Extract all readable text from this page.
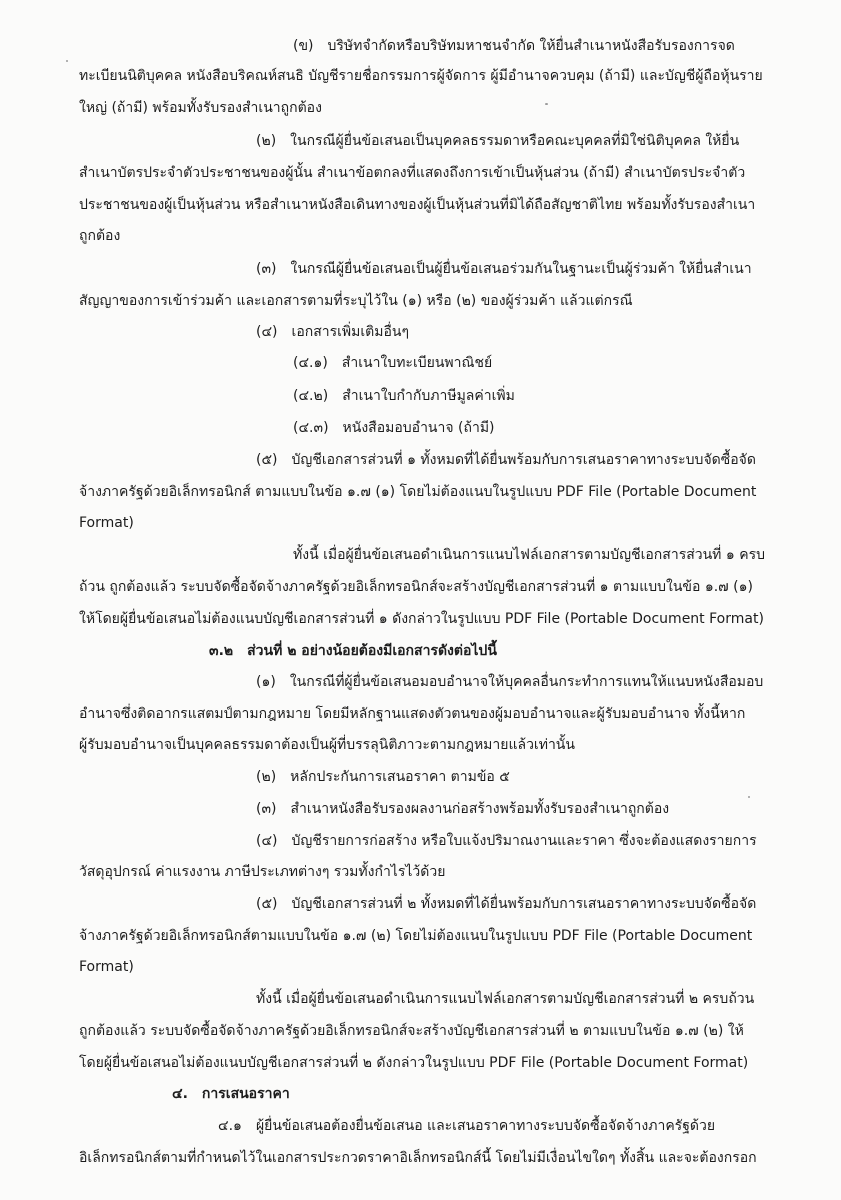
(ข) บริษัทจำกัดหรือบริษัทมหาชนจำกัด ให้ยื่นสำเนาหนังสือรับรองการจด
ทะเบียนนิติบุคคล หนังสือบริคณห์สนธิ บัญชีรายชื่อกรรมการผู้จัดการ ผู้มีอำนาจควบคุม (ถ้ามี) และบัญชีผู้ถือหุ้นราย
ใหญ่ (ถ้ามี) พร้อมทั้งรับรองสำเนาถูกต้อง
(๒) ในกรณีผู้ยื่นข้อเสนอเป็นบุคคลธรรมดาหรือคณะบุคคลที่มิใช่นิติบุคคล ให้ยื่น
สำเนาบัตรประจำตัวประชาชนของผู้นั้น สำเนาข้อตกลงที่แสดงถึงการเข้าเป็นหุ้นส่วน (ถ้ามี) สำเนาบัตรประจำตัว
ประชาชนของผู้เป็นหุ้นส่วน หรือสำเนาหนังสือเดินทางของผู้เป็นหุ้นส่วนที่มิได้ถือสัญชาติไทย พร้อมทั้งรับรองสำเนา
ถูกต้อง
(๓) ในกรณีผู้ยื่นข้อเสนอเป็นผู้ยื่นข้อเสนอร่วมกันในฐานะเป็นผู้ร่วมค้า ให้ยื่นสำเนา
สัญญาของการเข้าร่วมค้า และเอกสารตามที่ระบุไว้ใน (๑) หรือ (๒) ของผู้ร่วมค้า แล้วแต่กรณี
(๔) เอกสารเพิ่มเติมอื่นๆ
(๔.๑) สำเนาใบทะเบียนพาณิชย์
(๔.๒) สำเนาใบกำกับภาษีมูลค่าเพิ่ม
(๔.๓) หนังสือมอบอำนาจ (ถ้ามี)
(๕) บัญชีเอกสารส่วนที่ ๑ ทั้งหมดที่ได้ยื่นพร้อมกับการเสนอราคาทางระบบจัดซื้อจัด
จ้างภาครัฐด้วยอิเล็กทรอนิกส์ ตามแบบในข้อ ๑.๗ (๑) โดยไม่ต้องแนบในรูปแบบ PDF File (Portable Document
Format)
ทั้งนี้ เมื่อผู้ยื่นข้อเสนอดำเนินการแนบไฟล์เอกสารตามบัญชีเอกสารส่วนที่ ๑ ครบ
ถ้วน ถูกต้องแล้ว ระบบจัดซื้อจัดจ้างภาครัฐด้วยอิเล็กทรอนิกส์จะสร้างบัญชีเอกสารส่วนที่ ๑ ตามแบบในข้อ ๑.๗ (๑)
ให้โดยผู้ยื่นข้อเสนอไม่ต้องแนบบัญชีเอกสารส่วนที่ ๑ ดังกล่าวในรูปแบบ PDF File (Portable Document Format)
๓.๒ ส่วนที่ ๒ อย่างน้อยต้องมีเอกสารดังต่อไปนี้
(๑) ในกรณีที่ผู้ยื่นข้อเสนอมอบอำนาจให้บุคคลอื่นกระทำการแทนให้แนบหนังสือมอบ
อำนาจซึ่งติดอากรแสตมป์ตามกฎหมาย โดยมีหลักฐานแสดงตัวตนของผู้มอบอำนาจและผู้รับมอบอำนาจ ทั้งนี้หาก
ผู้รับมอบอำนาจเป็นบุคคลธรรมดาต้องเป็นผู้ที่บรรลุนิติภาวะตามกฎหมายแล้วเท่านั้น
(๒) หลักประกันการเสนอราคา ตามข้อ ๕
(๓) สำเนาหนังสือรับรองผลงานก่อสร้างพร้อมทั้งรับรองสำเนาถูกต้อง
(๔) บัญชีรายการก่อสร้าง หรือใบแจ้งปริมาณงานและราคา ซึ่งจะต้องแสดงรายการ
วัสดุอุปกรณ์ ค่าแรงงาน ภาษีประเภทต่างๆ รวมทั้งกำไรไว้ด้วย
(๕) บัญชีเอกสารส่วนที่ ๒ ทั้งหมดที่ได้ยื่นพร้อมกับการเสนอราคาทางระบบจัดซื้อจัด
จ้างภาครัฐด้วยอิเล็กทรอนิกส์ตามแบบในข้อ ๑.๗ (๒) โดยไม่ต้องแนบในรูปแบบ PDF File (Portable Document
Format)
ทั้งนี้ เมื่อผู้ยื่นข้อเสนอดำเนินการแนบไฟล์เอกสารตามบัญชีเอกสารส่วนที่ ๒ ครบถ้วน
ถูกต้องแล้ว ระบบจัดซื้อจัดจ้างภาครัฐด้วยอิเล็กทรอนิกส์จะสร้างบัญชีเอกสารส่วนที่ ๒ ตามแบบในข้อ ๑.๗ (๒) ให้
โดยผู้ยื่นข้อเสนอไม่ต้องแนบบัญชีเอกสารส่วนที่ ๒ ดังกล่าวในรูปแบบ PDF File (Portable Document Format)
๔. การเสนอราคา
๔.๑ ผู้ยื่นข้อเสนอต้องยื่นข้อเสนอ และเสนอราคาทางระบบจัดซื้อจัดจ้างภาครัฐด้วย
อิเล็กทรอนิกส์ตามที่กำหนดไว้ในเอกสารประกวดราคาอิเล็กทรอนิกส์นี้ โดยไม่มีเงื่อนไขใดๆ ทั้งสิ้น และจะต้องกรอก
